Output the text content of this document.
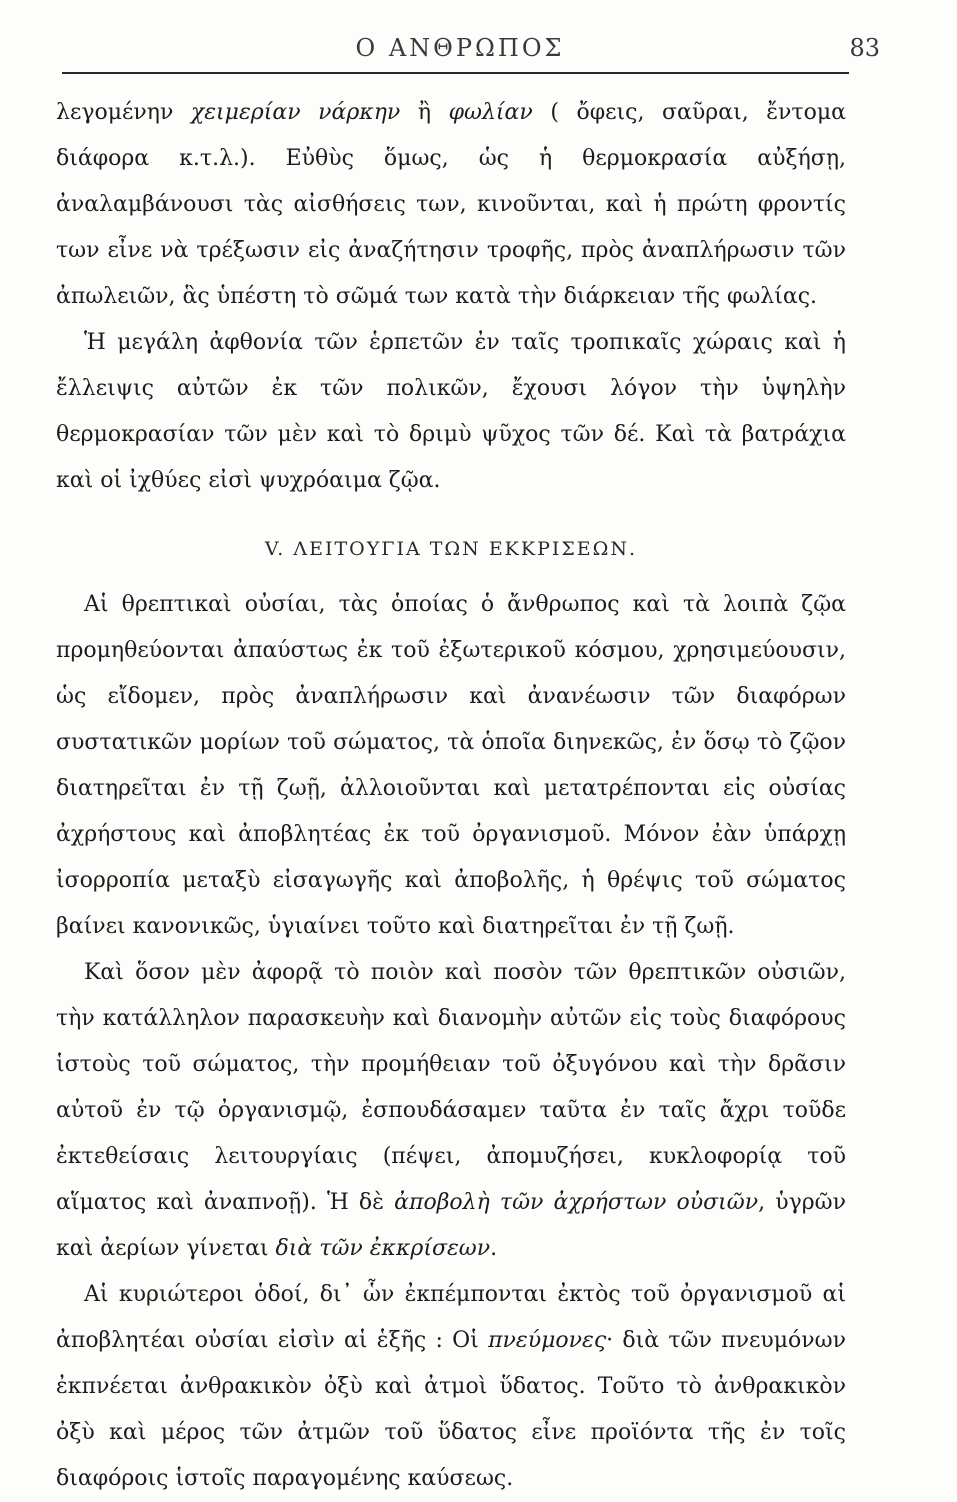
Ο ΑΝΘΡΩΠΟΣ	83

λεγομένην χειμερίαν νάρκην ἢ φωλίαν ( ὄφεις, σαῦραι, ἔντομα διάφορα κ.τ.λ.). Εὐθὺς ὅμως, ὡς ἡ θερμοκρασία αὐξήσῃ, ἀναλαμβάνουσι τὰς αἰσθήσεις των, κινοῦνται, καὶ ἡ πρώτη φροντίς των εἶνε νὰ τρέξωσιν εἰς ἀναζήτησιν τροφῆς, πρὸς ἀναπλήρωσιν τῶν ἀπωλειῶν, ἃς ὑπέστη τὸ σῶμά των κατὰ τὴν διάρκειαν τῆς φωλίας.

Ἡ μεγάλη ἀφθονία τῶν ἑρπετῶν ἐν ταῖς τροπικαῖς χώραις καὶ ἡ ἔλλειψις αὐτῶν ἐκ τῶν πολικῶν, ἔχουσι λόγον τὴν ὑψηλὴν θερμοκρασίαν τῶν μὲν καὶ τὸ δριμὺ ψῦχος τῶν δέ. Καὶ τὰ βατράχια καὶ οἱ ἰχθύες εἰσὶ ψυχρόαιμα ζῷα.

V. ΛΕΙΤΟΥΓΙΑ ΤΩΝ ΕΚΚΡΙΣΕΩΝ.

Αἱ θρεπτικαὶ οὐσίαι, τὰς ὁποίας ὁ ἄνθρωπος καὶ τὰ λοιπὰ ζῷα προμηθεύονται ἀπαύστως ἐκ τοῦ ἐξωτερικοῦ κόσμου, χρησιμεύουσιν, ὡς εἴδομεν, πρὸς ἀναπλήρωσιν καὶ ἀνανέωσιν τῶν διαφόρων συστατικῶν μορίων τοῦ σώματος, τὰ ὁποῖα διηνεκῶς, ἐν ὅσῳ τὸ ζῷον διατηρεῖται ἐν τῇ ζωῇ, ἀλλοιοῦνται καὶ μετατρέπονται εἰς οὐσίας ἀχρήστους καὶ ἀποβλητέας ἐκ τοῦ ὀργανισμοῦ. Μόνον ἐὰν ὑπάρχῃ ἰσορροπία μεταξὺ εἰσαγωγῆς καὶ ἀποβολῆς, ἡ θρέψις τοῦ σώματος βαίνει κανονικῶς, ὑγιαίνει τοῦτο καὶ διατηρεῖται ἐν τῇ ζωῇ.

Καὶ ὅσον μὲν ἀφορᾷ τὸ ποιὸν καὶ ποσὸν τῶν θρεπτικῶν οὐσιῶν, τὴν κατάλληλον παρασκευὴν καὶ διανομὴν αὐτῶν εἰς τοὺς διαφόρους ἱστοὺς τοῦ σώματος, τὴν προμήθειαν τοῦ ὀξυγόνου καὶ τὴν δρᾶσιν αὐτοῦ ἐν τῷ ὀργανισμῷ, ἐσπουδάσαμεν ταῦτα ἐν ταῖς ἄχρι τοῦδε ἐκτεθείσαις λειτουργίαις (πέψει, ἀπομυζήσει, κυκλοφορίᾳ τοῦ αἵματος καὶ ἀναπνοῇ). Ἡ δὲ ἀποβολὴ τῶν ἀχρήστων οὐσιῶν, ὑγρῶν καὶ ἀερίων γίνεται διὰ τῶν ἐκκρίσεων.

Αἱ κυριώτεροι ὁδοί, δι᾽ ὧν ἐκπέμπονται ἐκτὸς τοῦ ὀργανισμοῦ αἱ ἀποβλητέαι οὐσίαι εἰσὶν αἱ ἑξῆς : Οἱ πνεύμονες· διὰ τῶν πνευμόνων ἐκπνέεται ἀνθρακικὸν ὀξὺ καὶ ἀτμοὶ ὕδατος. Τοῦτο τὸ ἀνθρακικὸν ὀξὺ καὶ μέρος τῶν ἀτμῶν τοῦ ὕδατος εἶνε προϊόντα τῆς ἐν τοῖς διαφόροις ἱστοῖς παραγομένης καύσεως.
